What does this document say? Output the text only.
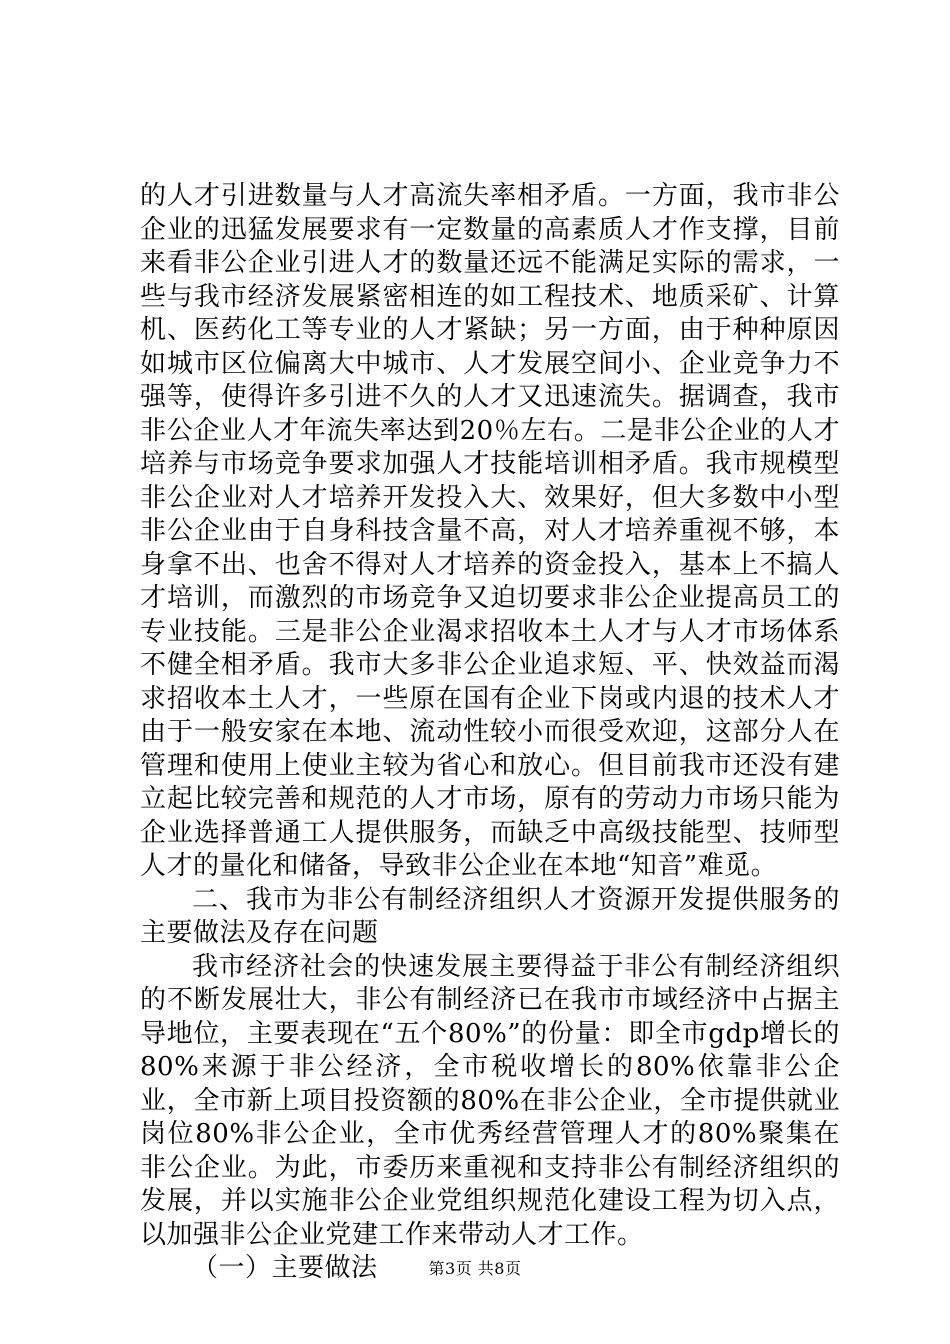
的人才引进数量与人才高流失率相矛盾。一方面，我市非公企业的迅猛发展要求有一定数量的高素质人才作支撑，目前来看非公企业引进人才的数量还远不能满足实际的需求，一些与我市经济发展紧密相连的如工程技术、地质采矿、计算机、医药化工等专业的人才紧缺；另一方面，由于种种原因如城市区位偏离大中城市、人才发展空间小、企业竞争力不强等，使得许多引进不久的人才又迅速流失。据调查，我市非公企业人才年流失率达到20％左右。二是非公企业的人才培养与市场竞争要求加强人才技能培训相矛盾。我市规模型非公企业对人才培养开发投入大、效果好，但大多数中小型非公企业由于自身科技含量不高，对人才培养重视不够，本身拿不出、也舍不得对人才培养的资金投入，基本上不搞人才培训，而激烈的市场竞争又迫切要求非公企业提高员工的专业技能。三是非公企业渴求招收本土人才与人才市场体系不健全相矛盾。我市大多非公企业追求短、平、快效益而渴求招收本土人才，一些原在国有企业下岗或内退的技术人才由于一般安家在本地、流动性较小而很受欢迎，这部分人在管理和使用上使业主较为省心和放心。但目前我市还没有建立起比较完善和规范的人才市场，原有的劳动力市场只能为企业选择普通工人提供服务，而缺乏中高级技能型、技师型人才的量化和储备，导致非公企业在本地“知音”难觅。

二、我市为非公有制经济组织人才资源开发提供服务的主要做法及存在问题

我市经济社会的快速发展主要得益于非公有制经济组织的不断发展壮大，非公有制经济已在我市市域经济中占据主导地位，主要表现在“五个80%”的份量：即全市gdp增长的80%来源于非公经济，全市税收增长的80%依靠非公企业，全市新上项目投资额的80%在非公企业，全市提供就业岗位80%非公企业，全市优秀经营管理人才的80%聚集在非公企业。为此，市委历来重视和支持非公有制经济组织的发展，并以实施非公企业党组织规范化建设工程为切入点，以加强非公企业党建工作来带动人才工作。

（一）主要做法	第3页 共8页
